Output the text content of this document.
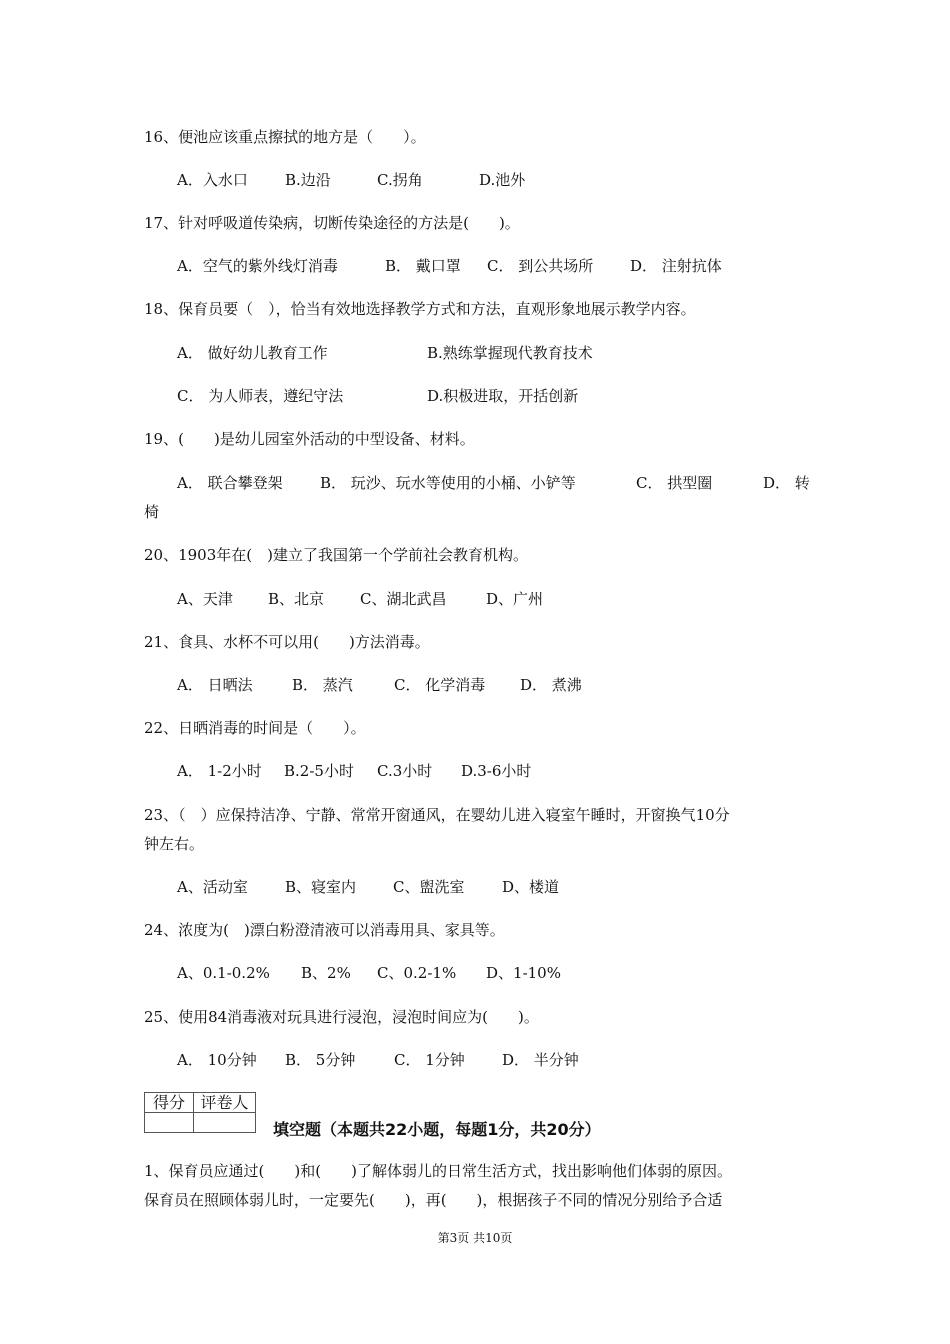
16、便池应该重点擦拭的地方是（　　）。
A．入水口 B.边沿	C.拐角	D.池外
17、针对呼吸道传染病，切断传染途径的方法是(　　)。
A．空气的紫外线灯消毒	B． 戴口罩 C． 到公共场所 D． 注射抗体
18、保育员要（　），恰当有效地选择教学方式和方法，直观形象地展示教学内容。
A． 做好幼儿教育工作	B.熟练掌握现代教育技术
C． 为人师表，遵纪守法	D.积极进取，开括创新
19、(　　)是幼儿园室外活动的中型设备、材料。
A． 联合攀登架 B． 玩沙、玩水等使用的小桶、小铲等	C． 拱型圈	D． 转
椅
20、1903年在(　)建立了我国第一个学前社会教育机构。
A、天津 B、北京 C、湖北武昌	D、广州
21、食具、水杯不可以用(　　)方法消毒。
A． 日晒法	B． 蒸汽	C． 化学消毒 D． 煮沸
22、日晒消毒的时间是（　　）。
A． 1-2小时 B.2-5小时 C.3小时 D.3-6小时
23、（　）应保持洁净、宁静、常常开窗通风，在婴幼儿进入寝室午睡时，开窗换气10分
钟左右。
A、活动室 B、寝室内 C、盥洗室	D、楼道
24、浓度为(　)漂白粉澄清液可以消毒用具、家具等。
A、0.1-0.2% B、2% C、0.2-1% D、1-10%
25、使用84消毒液对玩具进行浸泡，浸泡时间应为(　　)。
A． 10分钟 B． 5分钟	C． 1分钟 D． 半分钟
得分	评卷人

填空题（本题共22小题，每题1分，共20分）
1、保育员应通过(　　)和(　　)了解体弱儿的日常生活方式，找出影响他们体弱的原因。
保育员在照顾体弱儿时，一定要先(　　)，再(　　)，根据孩子不同的情况分别给予合适
第3页 共10页
